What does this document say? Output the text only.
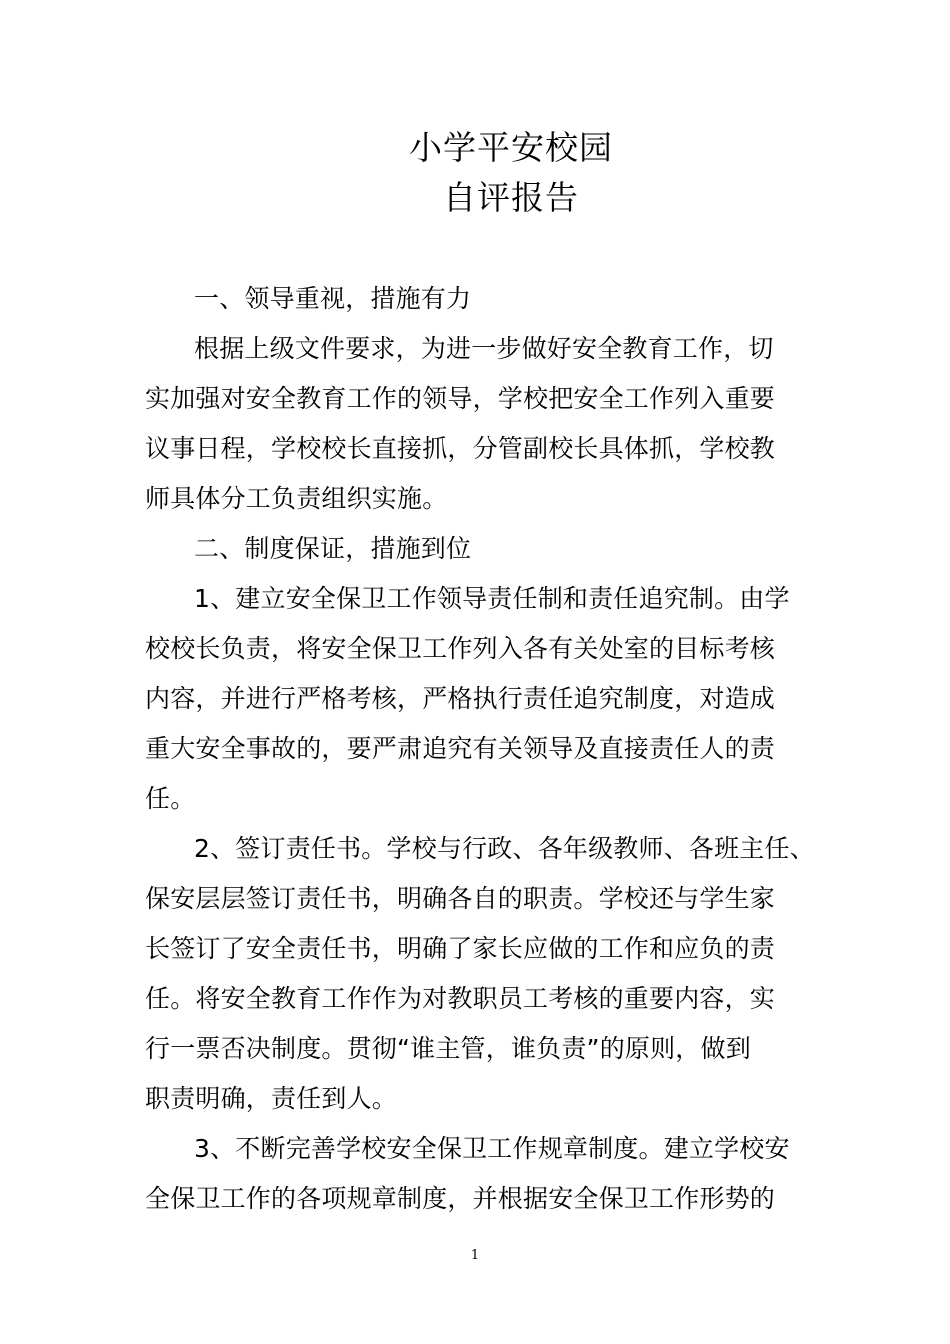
小学平安校园
自评报告
一、领导重视，措施有力
根据上级文件要求，为进一步做好安全教育工作，切
实加强对安全教育工作的领导，学校把安全工作列入重要
议事日程，学校校长直接抓，分管副校长具体抓，学校教
师具体分工负责组织实施。
二、制度保证，措施到位
1、建立安全保卫工作领导责任制和责任追究制。由学
校校长负责，将安全保卫工作列入各有关处室的目标考核
内容，并进行严格考核，严格执行责任追究制度，对造成
重大安全事故的，要严肃追究有关领导及直接责任人的责
任。
2、签订责任书。学校与行政、各年级教师、各班主任、
保安层层签订责任书，明确各自的职责。学校还与学生家
长签订了安全责任书，明确了家长应做的工作和应负的责
任。将安全教育工作作为对教职员工考核的重要内容，实
行一票否决制度。贯彻“谁主管，谁负责”的原则，做到
职责明确，责任到人。
3、不断完善学校安全保卫工作规章制度。建立学校安
全保卫工作的各项规章制度，并根据安全保卫工作形势的
1
